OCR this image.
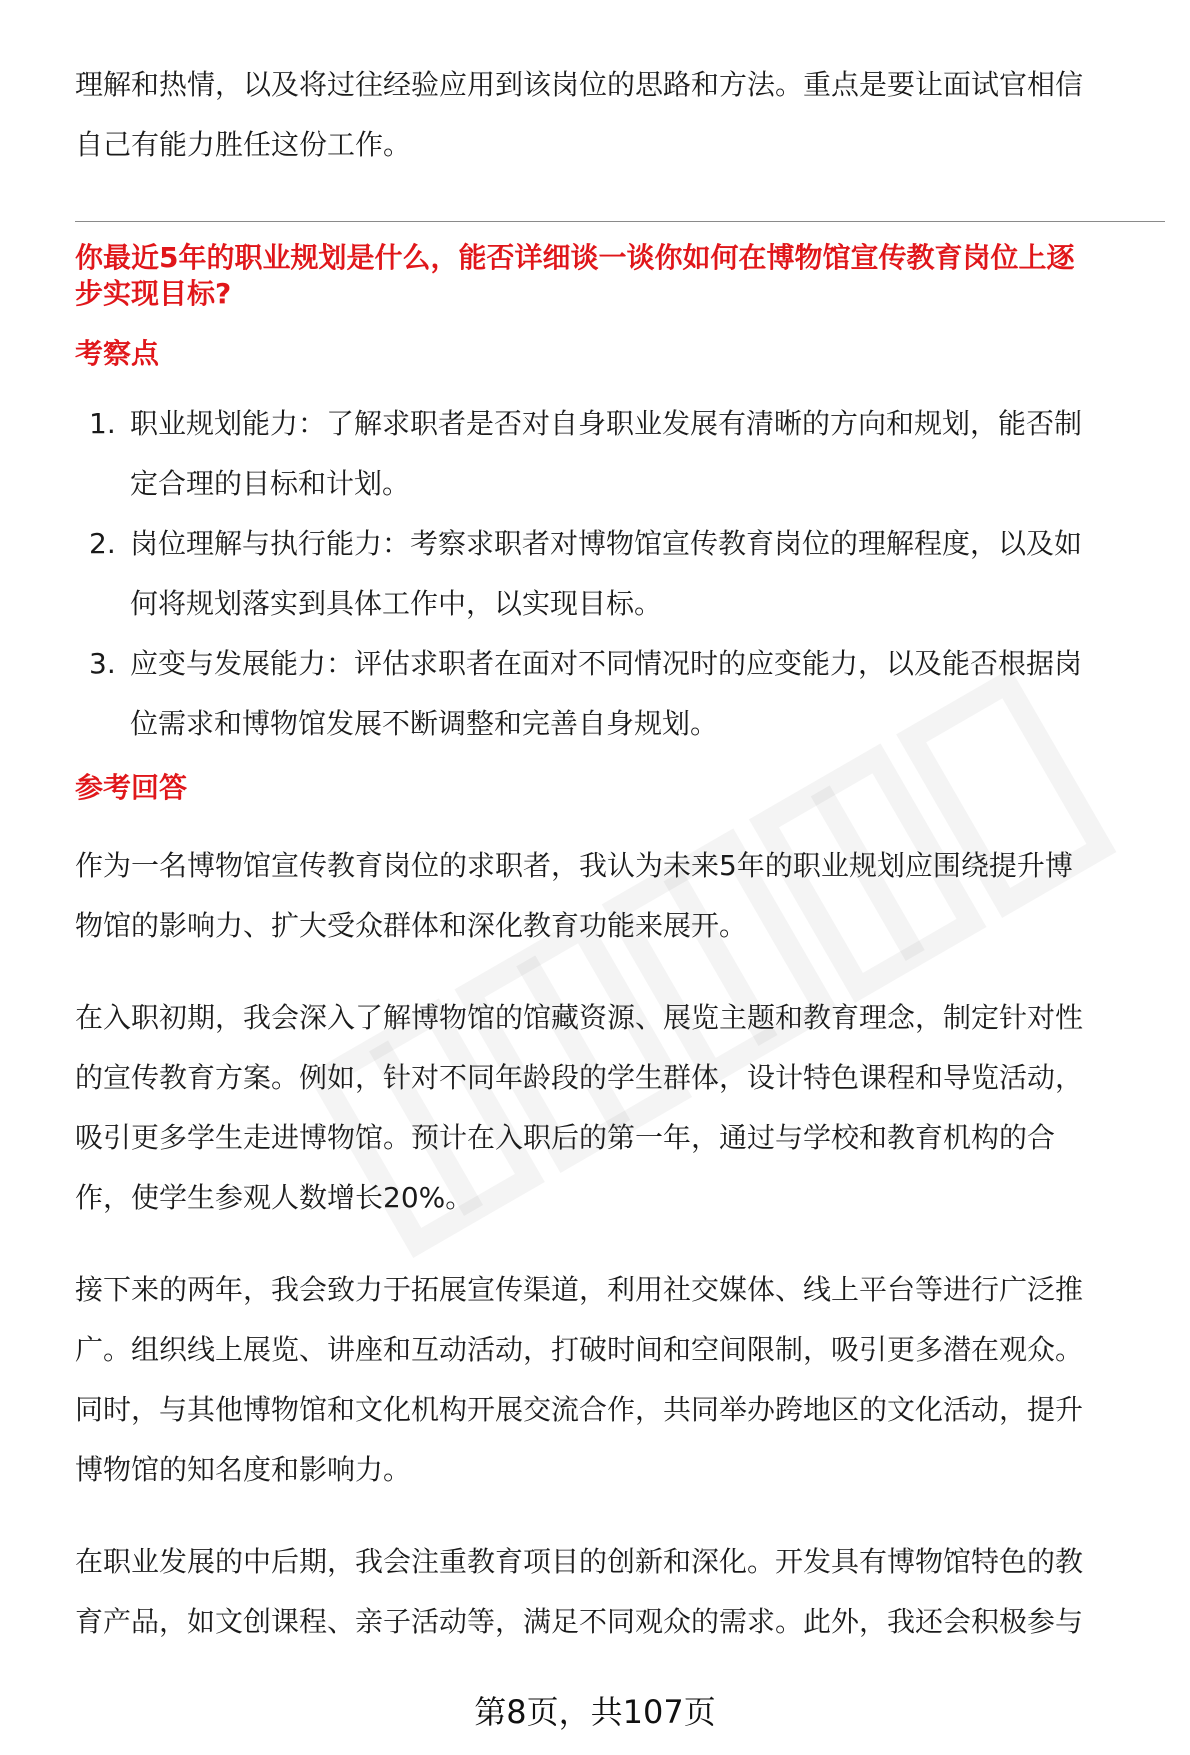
理解和热情，以及将过往经验应用到该岗位的思路和方法。重点是要让面试官相信

自己有能力胜任这份工作。

你最近5年的职业规划是什么，能否详细谈一谈你如何在博物馆宣传教育岗位上逐
步实现目标?
考察点
1. 职业规划能力：了解求职者是否对自身职业发展有清晰的方向和规划，能否制
定合理的目标和计划。
2. 岗位理解与执行能力：考察求职者对博物馆宣传教育岗位的理解程度，以及如
何将规划落实到具体工作中，以实现目标。
3. 应变与发展能力：评估求职者在面对不同情况时的应变能力，以及能否根据岗
位需求和博物馆发展不断调整和完善自身规划。
参考回答

作为一名博物馆宣传教育岗位的求职者，我认为未来5年的职业规划应围绕提升博

物馆的影响力、扩大受众群体和深化教育功能来展开。

在入职初期，我会深入了解博物馆的馆藏资源、展览主题和教育理念，制定针对性

的宣传教育方案。例如，针对不同年龄段的学生群体，设计特色课程和导览活动，

吸引更多学生走进博物馆。预计在入职后的第一年，通过与学校和教育机构的合

作，使学生参观人数增长20%。

接下来的两年，我会致力于拓展宣传渠道，利用社交媒体、线上平台等进行广泛推

广。组织线上展览、讲座和互动活动，打破时间和空间限制，吸引更多潜在观众。

同时，与其他博物馆和文化机构开展交流合作，共同举办跨地区的文化活动，提升

博物馆的知名度和影响力。

在职业发展的中后期，我会注重教育项目的创新和深化。开发具有博物馆特色的教

育产品，如文创课程、亲子活动等，满足不同观众的需求。此外，我还会积极参与

第8页，共107页
